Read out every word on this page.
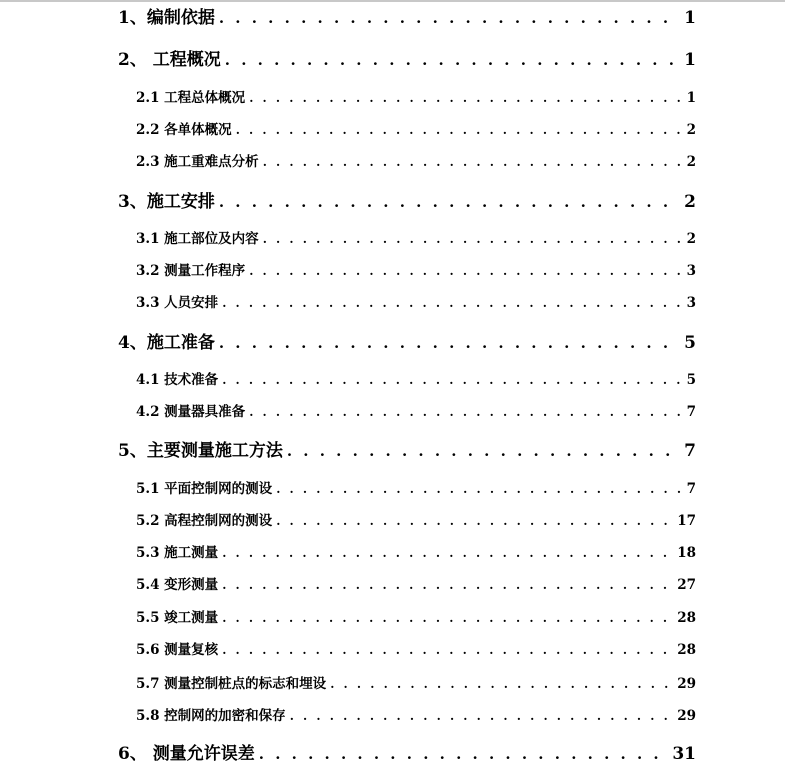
1、编制依据 . . .	1
2、 工程概况 . . .	1
2.1 工程总体概况 . . .	1
2.2 各单体概况 . . .	2
2.3 施工重难点分析 . . .	2
3、施工安排 . . .	2
3.1 施工部位及内容 . . .	2
3.2 测量工作程序 . . .	3
3.3 人员安排 . . .	3
4、施工准备 . . .	5
4.1 技术准备 . . .	5
4.2 测量器具准备 . . .	7
5、主要测量施工方法 . . .	7
5.1 平面控制网的测设 . . .	7
5.2 高程控制网的测设 . . .	17
5.3 施工测量 . . .	18
5.4 变形测量 . . .	27
5.5 竣工测量 . . .	28
5.6 测量复核 . . .	28
5.7 测量控制桩点的标志和埋设 . . .	29
5.8 控制网的加密和保存 . . .	29
6、 测量允许误差 . . .	31
